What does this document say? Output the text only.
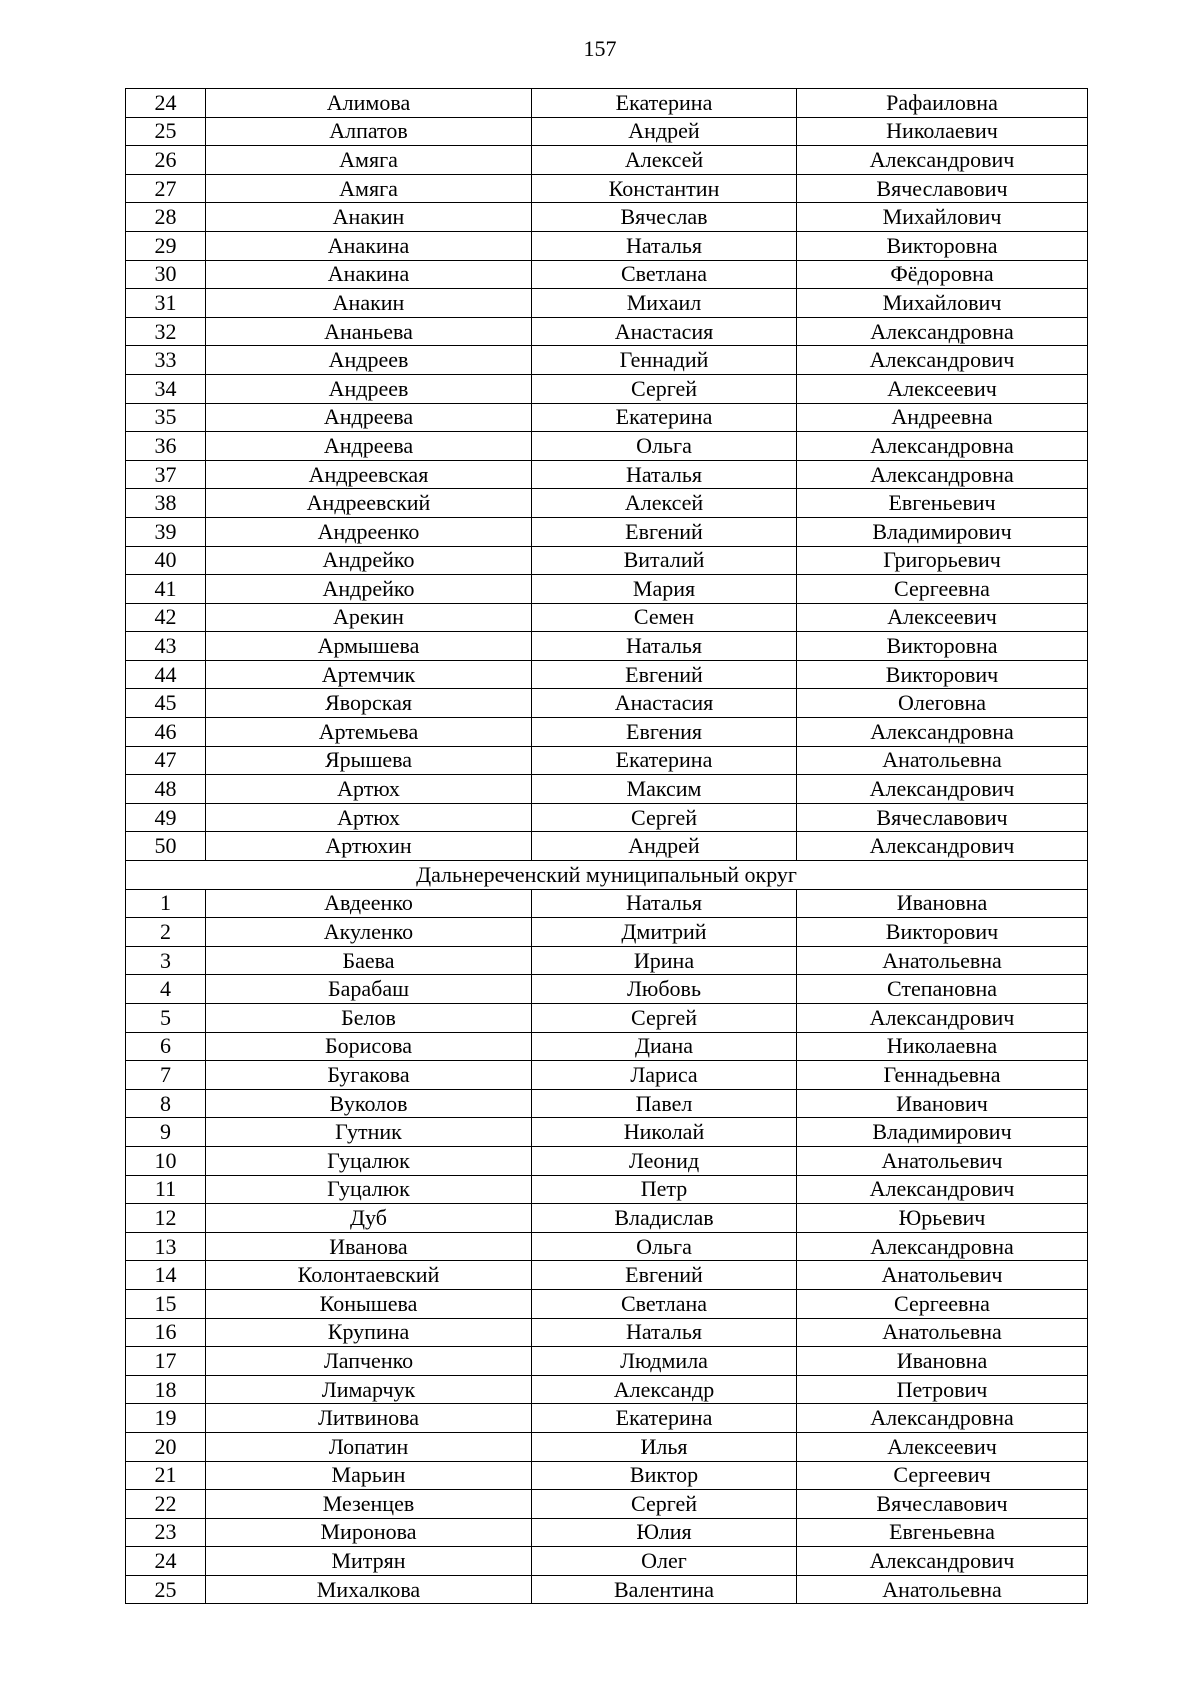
157
24	Алимова	Екатерина	Рафаиловна
25	Алпатов	Андрей	Николаевич
26	Амяга	Алексей	Александрович
27	Амяга	Константин	Вячеславович
28	Анакин	Вячеслав	Михайлович
29	Анакина	Наталья	Викторовна
30	Анакина	Светлана	Фёдоровна
31	Анакин	Михаил	Михайлович
32	Ананьева	Анастасия	Александровна
33	Андреев	Геннадий	Александрович
34	Андреев	Сергей	Алексеевич
35	Андреева	Екатерина	Андреевна
36	Андреева	Ольга	Александровна
37	Андреевская	Наталья	Александровна
38	Андреевский	Алексей	Евгеньевич
39	Андреенко	Евгений	Владимирович
40	Андрейко	Виталий	Григорьевич
41	Андрейко	Мария	Сергеевна
42	Арекин	Семен	Алексеевич
43	Армышева	Наталья	Викторовна
44	Артемчик	Евгений	Викторович
45	Яворская	Анастасия	Олеговна
46	Артемьева	Евгения	Александровна
47	Ярышева	Екатерина	Анатольевна
48	Артюх	Максим	Александрович
49	Артюх	Сергей	Вячеславович
50	Артюхин	Андрей	Александрович
Дальнереченский муниципальный округ			
1	Авдеенко	Наталья	Ивановна
2	Акуленко	Дмитрий	Викторович
3	Баева	Ирина	Анатольевна
4	Барабаш	Любовь	Степановна
5	Белов	Сергей	Александрович
6	Борисова	Диана	Николаевна
7	Бугакова	Лариса	Геннадьевна
8	Вуколов	Павел	Иванович
9	Гутник	Николай	Владимирович
10	Гуцалюк	Леонид	Анатольевич
11	Гуцалюк	Петр	Александрович
12	Дуб	Владислав	Юрьевич
13	Иванова	Ольга	Александровна
14	Колонтаевский	Евгений	Анатольевич
15	Конышева	Светлана	Сергеевна
16	Крупина	Наталья	Анатольевна
17	Лапченко	Людмила	Ивановна
18	Лимарчук	Александр	Петрович
19	Литвинова	Екатерина	Александровна
20	Лопатин	Илья	Алексеевич
21	Марьин	Виктор	Сергеевич
22	Мезенцев	Сергей	Вячеславович
23	Миронова	Юлия	Евгеньевна
24	Митрян	Олег	Александрович
25	Михалкова	Валентина	Анатольевна
